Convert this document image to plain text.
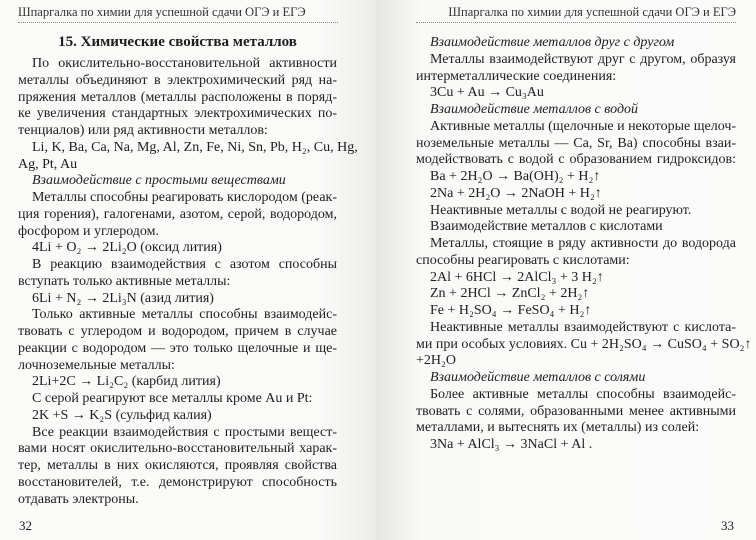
Шпаргалка по химии для успешной сдачи ОГЭ и ЕГЭ
15. Химические свойства металлов
По окислительно-восстановительной активности
металлы объединяют в электрохимический ряд на-
пряжения металлов (металлы расположены в поряд-
ке увеличения стандартных электрохимических по-
тенциалов) или ряд активности металлов:
Li, K, Ba, Ca, Na, Mg, Al, Zn, Fe, Ni, Sn, Pb, H₂, Cu, Hg,
Ag, Pt, Au
Взаимодействие с простыми веществами
Металлы способны реагировать кислородом (реак-
ция горения), галогенами, азотом, серой, водородом,
фосфором и углеродом.
4Li + O₂ → 2Li₂O (оксид лития)
В реакцию взаимодействия с азотом способны
вступать только активные металлы:
6Li + N₂ → 2Li₃N (азид лития)
Только активные металлы способны взаимодейс-
твовать с углеродом и водородом, причем в случае
реакции с водородом — это только щелочные и ще-
лочноземельные металлы:
2Li+2C → Li₂C₂ (карбид лития)
С серой реагируют все металлы кроме Au и Pt:
2K +S → K₂S (сульфид калия)
Все реакции взаимодействия с простыми вещест-
вами носят окислительно-восстановительный харак-
тер, металлы в них окисляются, проявляя свойства
восстановителей, т.е. демонстрируют способность
отдавать электроны.
32
Шпаргалка по химии для успешной сдачи ОГЭ и ЕГЭ
Взаимодействие металлов друг с другом
Металлы взаимодействуют друг с другом, образуя
интерметаллические соединения:
3Cu + Au → Cu₃Au
Взаимодействие металлов с водой
Активные металлы (щелочные и некоторые щелоч-
ноземельные металлы — Ca, Sr, Ba) способны взаи-
модействовать с водой с образованием гидроксидов:
Ba + 2H₂O → Ba(OH)₂ + H₂↑
2Na + 2H₂O → 2NaOH + H₂↑
Неактивные металлы с водой не реагируют.
Взаимодействие металлов с кислотами
Металлы, стоящие в ряду активности до водорода
способны реагировать с кислотами:
2Al + 6HCl → 2AlCl₃ + 3 H₂↑
Zn + 2HCl → ZnCl₂ + 2H₂↑
Fe + H₂SO₄ → FeSO₄ + H₂↑
Неактивные металлы взаимодействуют с кислота-
ми при особых условиях. Cu + 2H₂SO₄ → CuSO₄ + SO₂↑
+2H₂O
Взаимодействие металлов с солями
Более активные металлы способны взаимодейс-
твовать с солями, образованными менее активными
металлами, и вытеснять их (металлы) из солей:
3Na + AlCl₃ → 3NaCl + Al .
33
